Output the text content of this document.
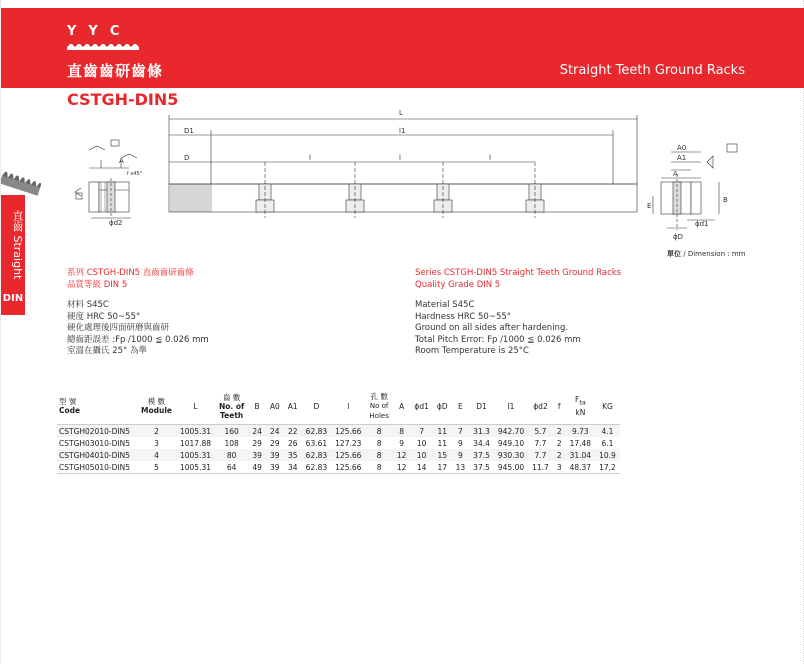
Y Y C
直齒齒研齒條	Straight Teeth Ground Racks
CSTGH-DIN5
直齒 Straight
DIN
L
l1
D1
D	l	l	l
ϕd2
A
f x45°
A0
A1
A
B
E
ϕd1
ϕD
單位 / Dimension : mm
系列 CSTGH-DIN5 直齒齒研齒條
品質等級 DIN 5
材料 S45C
硬度 HRC 50~55°
硬化處理後四面研磨與齒研
總齒距誤差 :Fp /1000 ≦ 0.026 mm
室溫在攝氏 25° 為準
Series CSTGH-DIN5 Straight Teeth Ground Racks
Quality Grade DIN 5
Material S45C
Hardness HRC 50~55°
Ground on all sides after hardening.
Total Pitch Error: Fp /1000 ≦ 0.026 mm
Room Temperature is 25°C
型 號
Code	模 數
Module	L	齒 數
No. of
Teeth	B	A0	A1	D	l	孔 數
No of
Holes	A	ϕd1	ϕD	E	D1	l1	ϕd2	f	$F_{ta}$
kN	KG
CSTGH02010-DIN5	2	1005.31	160	24	24	22	62.83	125.66	8	8	7	11	7	31.3	942.70	5.7	2	9.73	4.1
CSTGH03010-DIN5	3	1017.88	108	29	29	26	63.61	127.23	8	9	10	11	9	34.4	949.10	7.7	2	17.48	6.1
CSTGH04010-DIN5	4	1005.31	80	39	39	35	62.83	125.66	8	12	10	15	9	37.5	930.30	7.7	2	31.04	10.9
CSTGH05010-DIN5	5	1005.31	64	49	39	34	62.83	125.66	8	12	14	17	13	37.5	945.00	11.7	3	48.37	17.2
